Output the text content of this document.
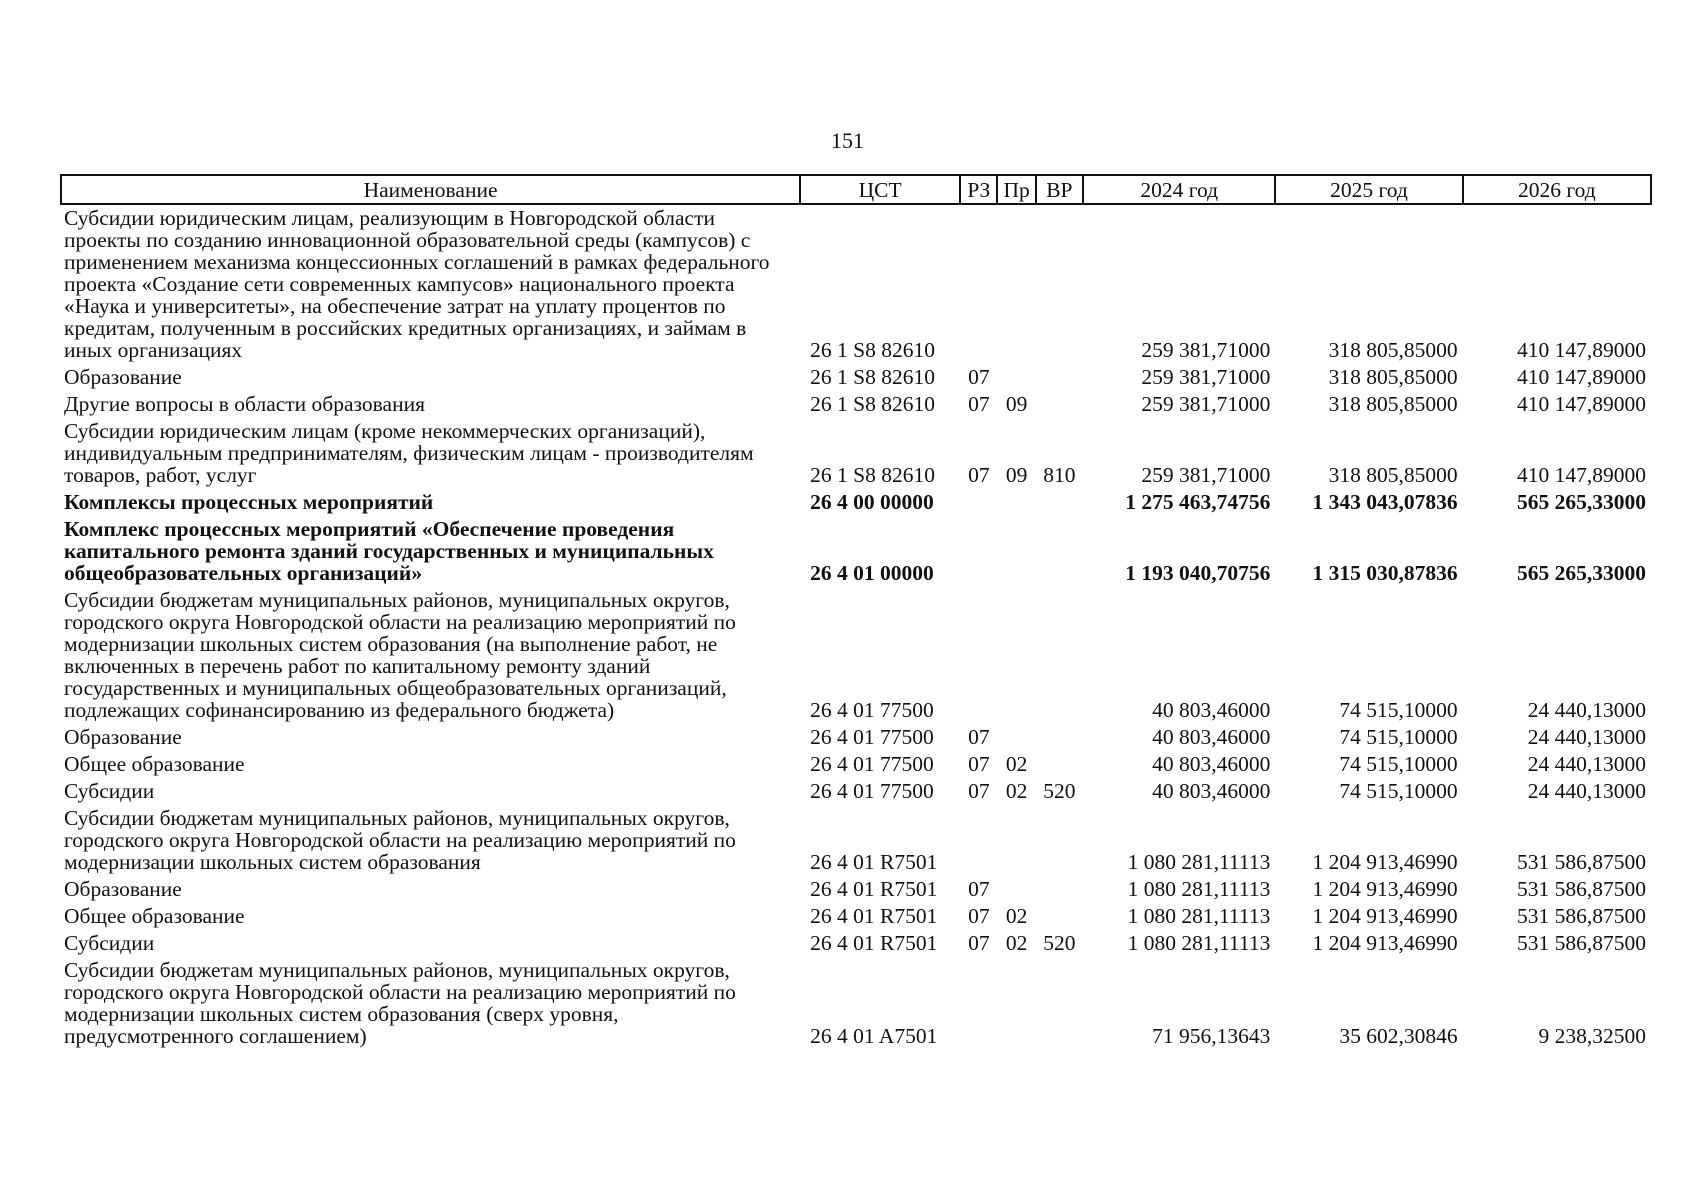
151
Наименование	ЦСТ	РЗ	Пр	ВР	2024 год	2025 год	2026 год
Субсидии юридическим лицам, реализующим в Новгородской области проекты по созданию инновационной образовательной среды (кампусов) с применением механизма концессионных соглашений в рамках федерального проекта «Создание сети современных кампусов» национального проекта «Наука и университеты», на обеспечение затрат на уплату процентов по кредитам, полученным в российских кредитных организациях, и займам в иных организациях	26 1 S8 82610				259 381,71000	318 805,85000	410 147,89000
Образование	26 1 S8 82610	07			259 381,71000	318 805,85000	410 147,89000
Другие вопросы в области образования	26 1 S8 82610	07	09		259 381,71000	318 805,85000	410 147,89000
Субсидии юридическим лицам (кроме некоммерческих организаций), индивидуальным предпринимателям, физическим лицам - производителям товаров, работ, услуг	26 1 S8 82610	07	09	810	259 381,71000	318 805,85000	410 147,89000
Комплексы процессных мероприятий	26 4 00 00000				1 275 463,74756	1 343 043,07836	565 265,33000
Комплекс процессных мероприятий «Обеспечение проведения капитального ремонта зданий государственных и муниципальных общеобразовательных организаций»	26 4 01 00000				1 193 040,70756	1 315 030,87836	565 265,33000
Субсидии бюджетам муниципальных районов, муниципальных округов, городского округа Новгородской области на реализацию мероприятий по модернизации школьных систем образования (на выполнение работ, не включенных в перечень работ по капитальному ремонту зданий государственных и муниципальных общеобразовательных организаций, подлежащих софинансированию из федерального бюджета)	26 4 01 77500				40 803,46000	74 515,10000	24 440,13000
Образование	26 4 01 77500	07			40 803,46000	74 515,10000	24 440,13000
Общее образование	26 4 01 77500	07	02		40 803,46000	74 515,10000	24 440,13000
Субсидии	26 4 01 77500	07	02	520	40 803,46000	74 515,10000	24 440,13000
Субсидии бюджетам муниципальных районов, муниципальных округов, городского округа Новгородской области на реализацию мероприятий по модернизации школьных систем образования	26 4 01 R7501				1 080 281,11113	1 204 913,46990	531 586,87500
Образование	26 4 01 R7501	07			1 080 281,11113	1 204 913,46990	531 586,87500
Общее образование	26 4 01 R7501	07	02		1 080 281,11113	1 204 913,46990	531 586,87500
Субсидии	26 4 01 R7501	07	02	520	1 080 281,11113	1 204 913,46990	531 586,87500
Субсидии бюджетам муниципальных районов, муниципальных округов, городского округа Новгородской области на реализацию мероприятий по модернизации школьных систем образования (сверх уровня, предусмотренного соглашением)	26 4 01 A7501				71 956,13643	35 602,30846	9 238,32500
